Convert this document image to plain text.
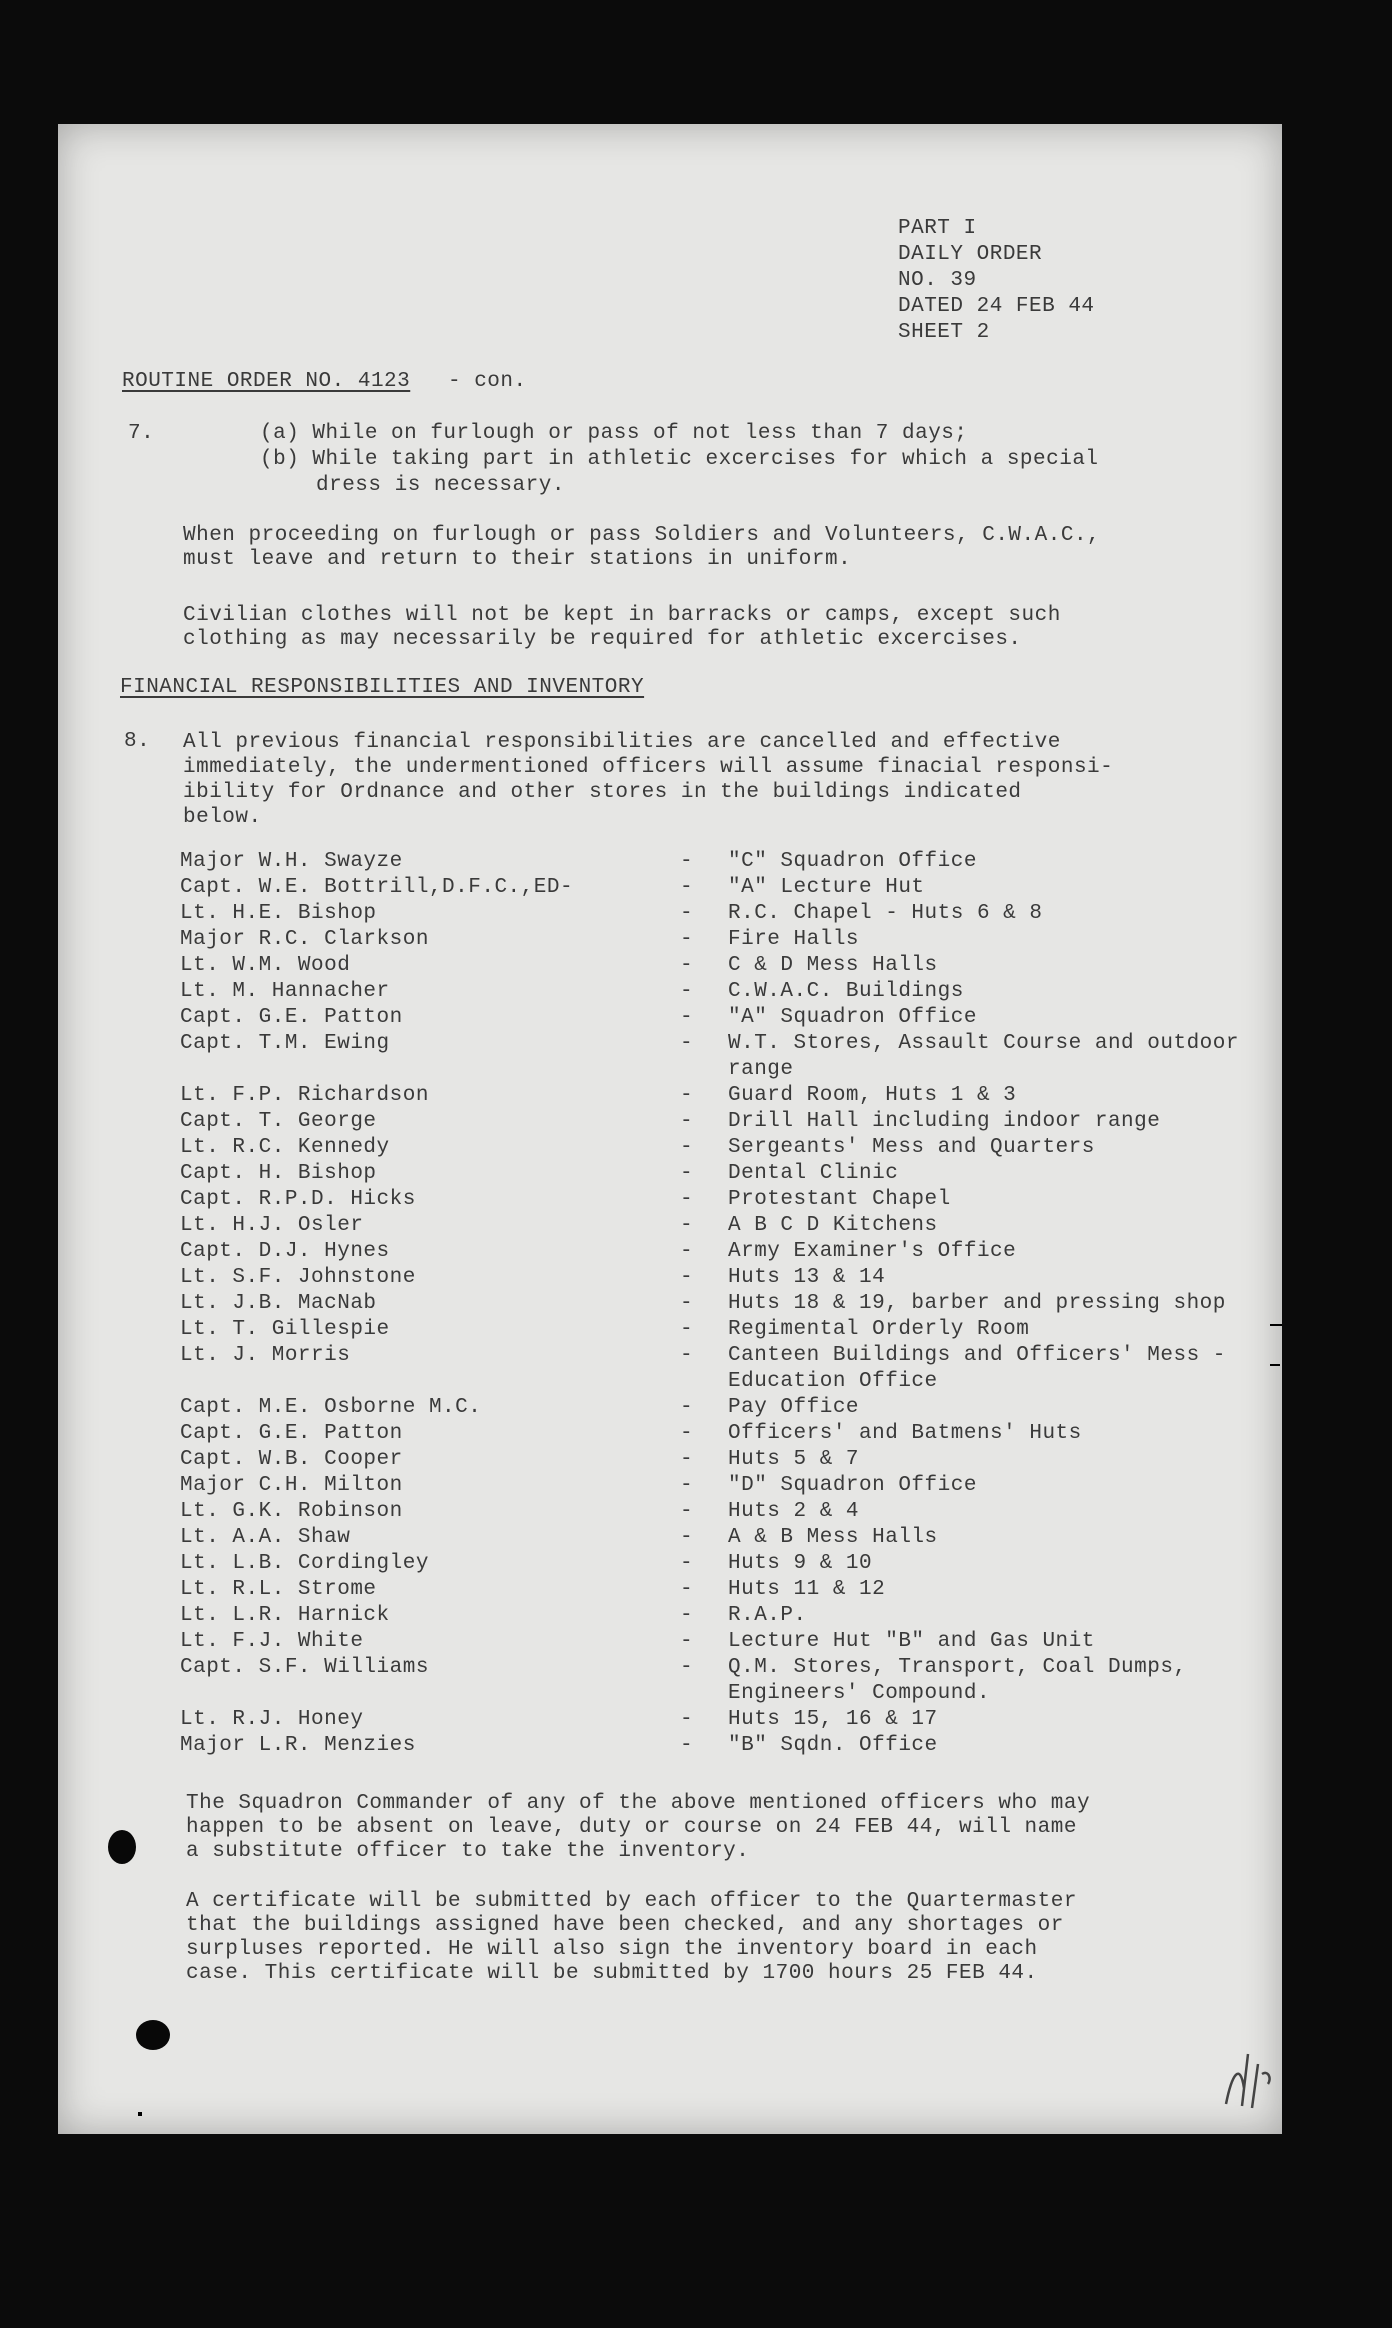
PART I
DAILY ORDER
NO. 39
DATED 24 FEB 44
SHEET 2
ROUTINE ORDER NO. 4123 - con.
7.	(a) While on furlough or pass of not less than 7 days;
(b) While taking part in athletic excercises for which a special
dress is necessary.
When proceeding on furlough or pass Soldiers and Volunteers, C.W.A.C.,
must leave and return to their stations in uniform.
Civilian clothes will not be kept in barracks or camps, except such
clothing as may necessarily be required for athletic excercises.
FINANCIAL RESPONSIBILITIES AND INVENTORY
8. All previous financial responsibilities are cancelled and effective
immediately, the undermentioned officers will assume finacial responsi-
ibility for Ordnance and other stores in the buildings indicated
below.
Major W.H. Swayze	- "C" Squadron Office
Capt. W.E. Bottrill,D.F.C.,ED-	- "A" Lecture Hut
Lt. H.E. Bishop	- R.C. Chapel - Huts 6 & 8
Major R.C. Clarkson	- Fire Halls
Lt. W.M. Wood	- C & D Mess Halls
Lt. M. Hannacher	- C.W.A.C. Buildings
Capt. G.E. Patton	- "A" Squadron Office
Capt. T.M. Ewing	- W.T. Stores, Assault Course and outdoor
range
Lt. F.P. Richardson	- Guard Room, Huts 1 & 3
Capt. T. George	- Drill Hall including indoor range
Lt. R.C. Kennedy	- Sergeants' Mess and Quarters
Capt. H. Bishop	- Dental Clinic
Capt. R.P.D. Hicks	- Protestant Chapel
Lt. H.J. Osler	- A B C D Kitchens
Capt. D.J. Hynes	- Army Examiner's Office
Lt. S.F. Johnstone	- Huts 13 & 14
Lt. J.B. MacNab	- Huts 18 & 19, barber and pressing shop
Lt. T. Gillespie	- Regimental Orderly Room
Lt. J. Morris	- Canteen Buildings and Officers' Mess -
Education Office
Capt. M.E. Osborne M.C.	- Pay Office
Capt. G.E. Patton	- Officers' and Batmens' Huts
Capt. W.B. Cooper	- Huts 5 & 7
Major C.H. Milton	- "D" Squadron Office
Lt. G.K. Robinson	- Huts 2 & 4
Lt. A.A. Shaw	- A & B Mess Halls
Lt. L.B. Cordingley	- Huts 9 & 10
Lt. R.L. Strome	- Huts 11 & 12
Lt. L.R. Harnick	- R.A.P.
Lt. F.J. White	- Lecture Hut "B" and Gas Unit
Capt. S.F. Williams	- Q.M. Stores, Transport, Coal Dumps,
Engineers' Compound.
Lt. R.J. Honey	- Huts 15, 16 & 17
Major L.R. Menzies	- "B" Sqdn. Office
The Squadron Commander of any of the above mentioned officers who may
happen to be absent on leave, duty or course on 24 FEB 44, will name
a substitute officer to take the inventory.
A certificate will be submitted by each officer to the Quartermaster
that the buildings assigned have been checked, and any shortages or
surpluses reported. He will also sign the inventory board in each
case. This certificate will be submitted by 1700 hours 25 FEB 44.
